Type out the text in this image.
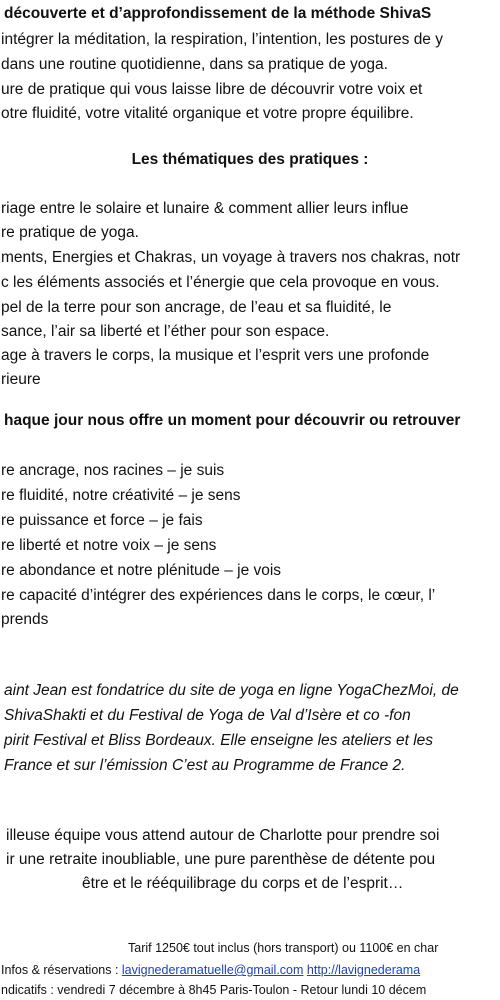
découverte et d’approfondissement de la méthode ShivaS
intégrer la méditation, la respiration, l’intention, les postures de y
dans une routine quotidienne, dans sa pratique de yoga.
ure de pratique qui vous laisse libre de découvrir votre voix et
otre fluidité, votre vitalité organique et votre propre équilibre.
Les thématiques des pratiques :
riage entre le solaire et lunaire & comment allier leurs influe
re pratique de yoga.
ments, Energies et Chakras, un voyage à travers nos chakras, notr
c les éléments associés et l’énergie que cela provoque en vous.
pel de la terre pour son ancrage, de l’eau et sa fluidité, le
sance, l’air sa liberté et l’éther pour son espace.
age à travers le corps, la musique et l’esprit vers une profonde
rieure
haque jour nous offre un moment pour découvrir ou retrouver
re ancrage, nos racines – je suis
re fluidité, notre créativité – je sens
re puissance et force – je fais
re liberté et notre voix – je sens
re abondance et notre plénitude – je vois
re capacité d’intégrer des expériences dans le corps, le cœur, l’
prends
aint Jean est fondatrice du site de yoga en ligne YogaChezMoi, de
ShivaShakti et du Festival de Yoga de Val d’Isère et co -fon
pirit Festival et Bliss Bordeaux. Elle enseigne les ateliers et les
France et sur l’émission C’est au Programme de France 2.
illeuse équipe vous attend autour de Charlotte pour prendre soi
ir une retraite inoubliable, une pure parenthèse de détente pou
être et le rééquilibrage du corps et de l’esprit…
Tarif 1250€ tout inclus (hors transport) ou 1100€ en char
Infos & réservations : lavignederamatuelle@gmail.com http://lavignederama
ndicatifs : vendredi 7 décembre à 8h45 Paris-Toulon - Retour lundi 10 décem
